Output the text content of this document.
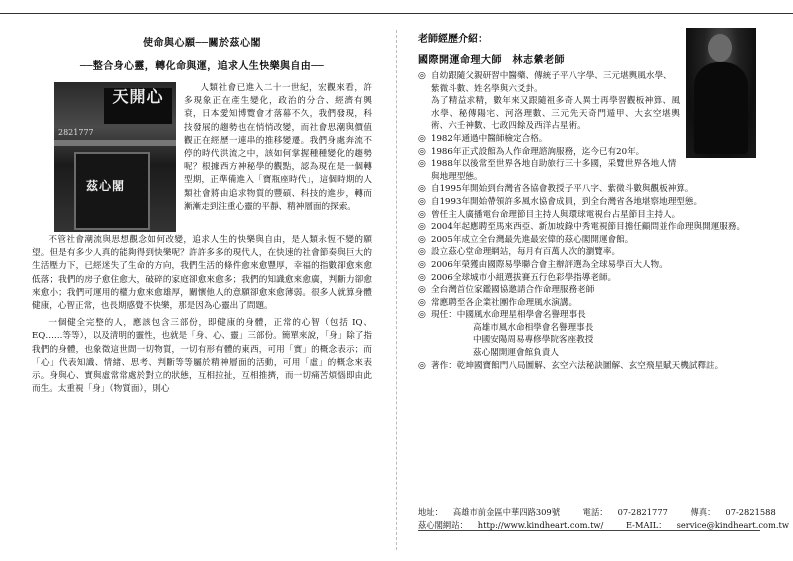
使命與心願──關於茲心閣
──整合身心靈，轉化命與運，追求人生快樂與自由──
天開心
2821777
茲心閣

人類社會已進入二十一世紀，宏觀來看，許多現象正在產生變化，政治的分合、經濟有興衰，日本愛知博覽會才落幕不久，我們發現，科技發展的趨勢也在悄悄改變，而社會思潮與價值觀正在經歷一連串的推移變遷。我們身處奔流不停的時代洪流之中，該如何掌握種種變化的趨勢呢？根據西方神秘學的觀點，認為現在是一個轉型期，正準備進入「寶瓶座時代」，這個時期的人類社會將由追求物質的豐碩、科技的進步，轉而漸漸走到注重心靈的平靜、精神層面的探索。

不管社會潮流與思想觀念如何改變，追求人生的快樂與自由，是人類永恆不變的願望。但是有多少人真的能夠得到快樂呢？許許多多的現代人，在快速的社會節奏與巨大的生活壓力下，已經迷失了生命的方向，我們生活的條件愈來愈豐厚，幸福的指數卻愈來愈低落；我們的房子愈住愈大，破碎的家庭卻愈來愈多；我們的知識愈來愈廣，判斷力卻愈來愈小；我們可運用的權力愈來愈雄厚，關懷他人的意願卻愈來愈薄弱。很多人就算身體健康，心智正常，也長期感覺不快樂，那是因為心靈出了問題。

一個健全完整的人，應該包含三部份，即健康的身體，正常的心智（包括 IQ、EQ……等等），以及清明的靈性，也就是「身、心、靈」三部份。簡單來說，「身」除了指我們的身體，也象徵這世間一切物質，一切有形有體的東西，可用「實」的概念表示；而「心」代表知識、情緒、思考、判斷等等屬於精神層面的活動，可用「虛」的概念來表示。身與心、實與虛常常處於對立的狀態，互相拉扯，互相推擠，而一切痛苦煩惱即由此而生。太重視「身」（物質面），則心

老師經歷介紹：
國際開運命理大師　林志縈老師
◎ 自幼跟隨父親研習中醫藥、傳統子平八字學、三元堪輿風水學、紫微斗數、姓名學與六爻卦。
為了精益求精，數年來又跟隨祖多奇人異士再學習觀板神算、風水學、秘傳陽宅、河洛理數、三元先天奇門遁甲、大玄空堪輿術、六壬神數、七政四餘及西洋占星術。
◎ 1982年通過中醫師檢定合格。
◎ 1986年正式設館為人作命理諮詢服務，迄今已有20年。
◎ 1988年以後常至世界各地自助旅行三十多國，采覽世界各地人情與地理型態。
◎ 自1995年開始到台灣省各協會教授子平八字、紫微斗數與觀板神算。
◎ 自1993年開始帶領許多風水協會成員，到全台灣省各地堪察地理型態。
◎ 曾任主人廣播電台命理節目主持人與環球電視台占星節目主持人。
◎ 2004年起應聘至馬來西亞、新加坡錄中秀電視節目擔任顧問並作命理與開運服務。
◎ 2005年成立全台灣最先進最宏偉的茲心閣開運會館。
◎ 設立茲心堂命理網站，每月有百萬人次的瀏覽率。
◎ 2006年榮獲由國際易學聯合會主辦評選為全球易學百大人物。
◎ 2006全球城市小組選拔賽五行色彩學指導老師。
◎ 全台灣首位家鑑國協邀請合作命理服務老師
◎ 常應聘至各企業社團作命理風水演講。
◎ 現任：中國風水命理星相學會名譽理事長
高雄市風水命相學會名譽理事長
中國安陽周易專修學院客座教授
茲心閣開運會館負責人
◎ 著作：乾坤國寶館門八局圖解、玄空六法秘訣圖解、玄空飛星賦天機試釋註。
地址： 高雄市前金區中華四路309號	電話： 07-2821777	傳真： 07-2821588
茲心閣網站： http://www.kindheart.com.tw/	E-MAIL： service@kindheart.com.tw
